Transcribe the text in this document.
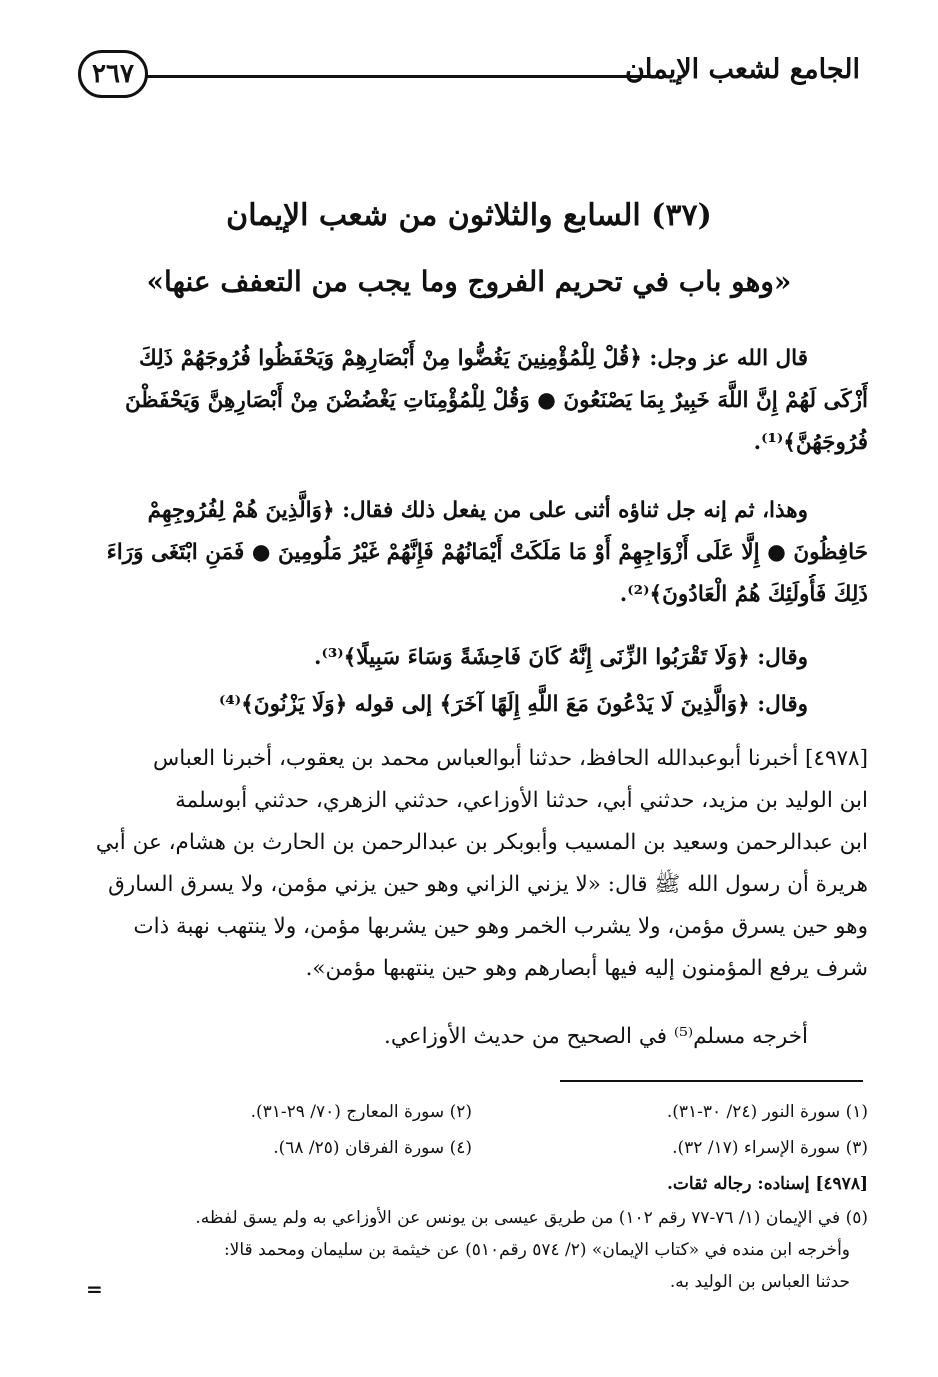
٢٦٧	الجامع لشعب الإيمان
(٣٧) السابع والثلاثون من شعب الإيمان
«وهو باب في تحريم الفروج وما يجب من التعفف عنها»
قال الله عز وجل: ﴿قُلْ لِلْمُؤْمِنِينَ يَغُضُّوا مِنْ أَبْصَارِهِمْ وَيَحْفَظُوا فُرُوجَهُمْ ذَلِكَ
أَزْكَى لَهُمْ إِنَّ اللَّهَ خَبِيرٌ بِمَا يَصْنَعُونَ ● وَقُلْ لِلْمُؤْمِنَاتِ يَغْضُضْنَ مِنْ أَبْصَارِهِنَّ وَيَحْفَظْنَ
فُرُوجَهُنَّ﴾⁽¹⁾.
وهذا، ثم إنه جل ثناؤه أثنى على من يفعل ذلك فقال: ﴿وَالَّذِينَ هُمْ لِفُرُوجِهِمْ
حَافِظُونَ ● إِلَّا عَلَى أَزْوَاجِهِمْ أَوْ مَا مَلَكَتْ أَيْمَانُهُمْ فَإِنَّهُمْ غَيْرُ مَلُومِينَ ● فَمَنِ ابْتَغَى وَرَاءَ
ذَلِكَ فَأُولَئِكَ هُمُ الْعَادُونَ﴾⁽²⁾.
وقال: ﴿وَلَا تَقْرَبُوا الزِّنَى إِنَّهُ كَانَ فَاحِشَةً وَسَاءَ سَبِيلًا﴾⁽³⁾.
وقال: ﴿وَالَّذِينَ لَا يَدْعُونَ مَعَ اللَّهِ إِلَهًا آخَرَ﴾ إلى قوله ﴿وَلَا يَزْنُونَ﴾⁽⁴⁾
[٤٩٧٨] أخبرنا أبوعبدالله الحافظ، حدثنا أبوالعباس محمد بن يعقوب، أخبرنا العباس
ابن الوليد بن مزيد، حدثني أبي، حدثنا الأوزاعي، حدثني الزهري، حدثني أبوسلمة
ابن عبدالرحمن وسعيد بن المسيب وأبوبكر بن عبدالرحمن بن الحارث بن هشام، عن أبي
هريرة أن رسول الله ﷺ قال: «لا يزني الزاني وهو حين يزني مؤمن، ولا يسرق السارق
وهو حين يسرق مؤمن، ولا يشرب الخمر وهو حين يشربها مؤمن، ولا ينتهب نهبة ذات
شرف يرفع المؤمنون إليه فيها أبصارهم وهو حين ينتهبها مؤمن».
أخرجه مسلم⁽⁵⁾ في الصحيح من حديث الأوزاعي.
(١) سورة النور (٢٤/ ٣٠-٣١).
(٢) سورة المعارج (٧٠/ ٢٩-٣١).
(٣) سورة الإسراء (١٧/ ٣٢).
(٤) سورة الفرقان (٢٥/ ٦٨).
[٤٩٧٨] إسناده: رجاله ثقات.
(٥) في الإيمان (١/ ٧٦-٧٧ رقم ١٠٢) من طريق عيسى بن يونس عن الأوزاعي به ولم يسق لفظه.
وأخرجه ابن منده في «كتاب الإيمان» (٢/ ٥٧٤ رقم٥١٠) عن خيثمة بن سليمان ومحمد قالا:
حدثنا العباس بن الوليد به.
=
